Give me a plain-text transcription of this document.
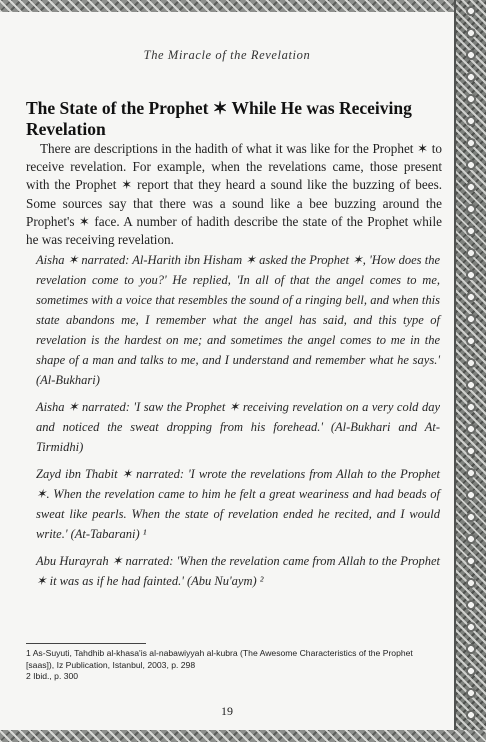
The Miracle of the Revelation
The State of the Prophet ✶ While He was Receiving Revelation

There are descriptions in the hadith of what it was like for the Prophet ✶ to receive revelation. For example, when the revelations came, those present with the Prophet ✶ report that they heard a sound like the buzzing of bees. Some sources say that there was a sound like a bee buzzing around the Prophet's ✶ face. A number of hadith describe the state of the Prophet while he was receiving revelation.

Aisha ✶ narrated: Al-Harith ibn Hisham ✶ asked the Prophet ✶, 'How does the revelation come to you?' He replied, 'In all of that the angel comes to me, sometimes with a voice that resembles the sound of a ringing bell, and when this state abandons me, I remember what the angel has said, and this type of revelation is the hardest on me; and sometimes the angel comes to me in the shape of a man and talks to me, and I understand and remember what he says.' (Al-Bukhari)

Aisha ✶ narrated: 'I saw the Prophet ✶ receiving revelation on a very cold day and noticed the sweat dropping from his forehead.' (Al-Bukhari and At-Tirmidhi)

Zayd ibn Thabit ✶ narrated: 'I wrote the revelations from Allah to the Prophet ✶. When the revelation came to him he felt a great weariness and had beads of sweat like pearls. When the state of revelation ended he recited, and I would write.' (At-Tabarani) ¹

Abu Hurayrah ✶ narrated: 'When the revelation came from Allah to the Prophet ✶ it was as if he had fainted.' (Abu Nu'aym) ²

1 As-Suyuti, Tahdhib al-khasa'is al-nabawiyyah al-kubra (The Awesome Characteristics of the Prophet [saas]), Iz Publication, Istanbul, 2003, p. 298

2 Ibid., p. 300

19
